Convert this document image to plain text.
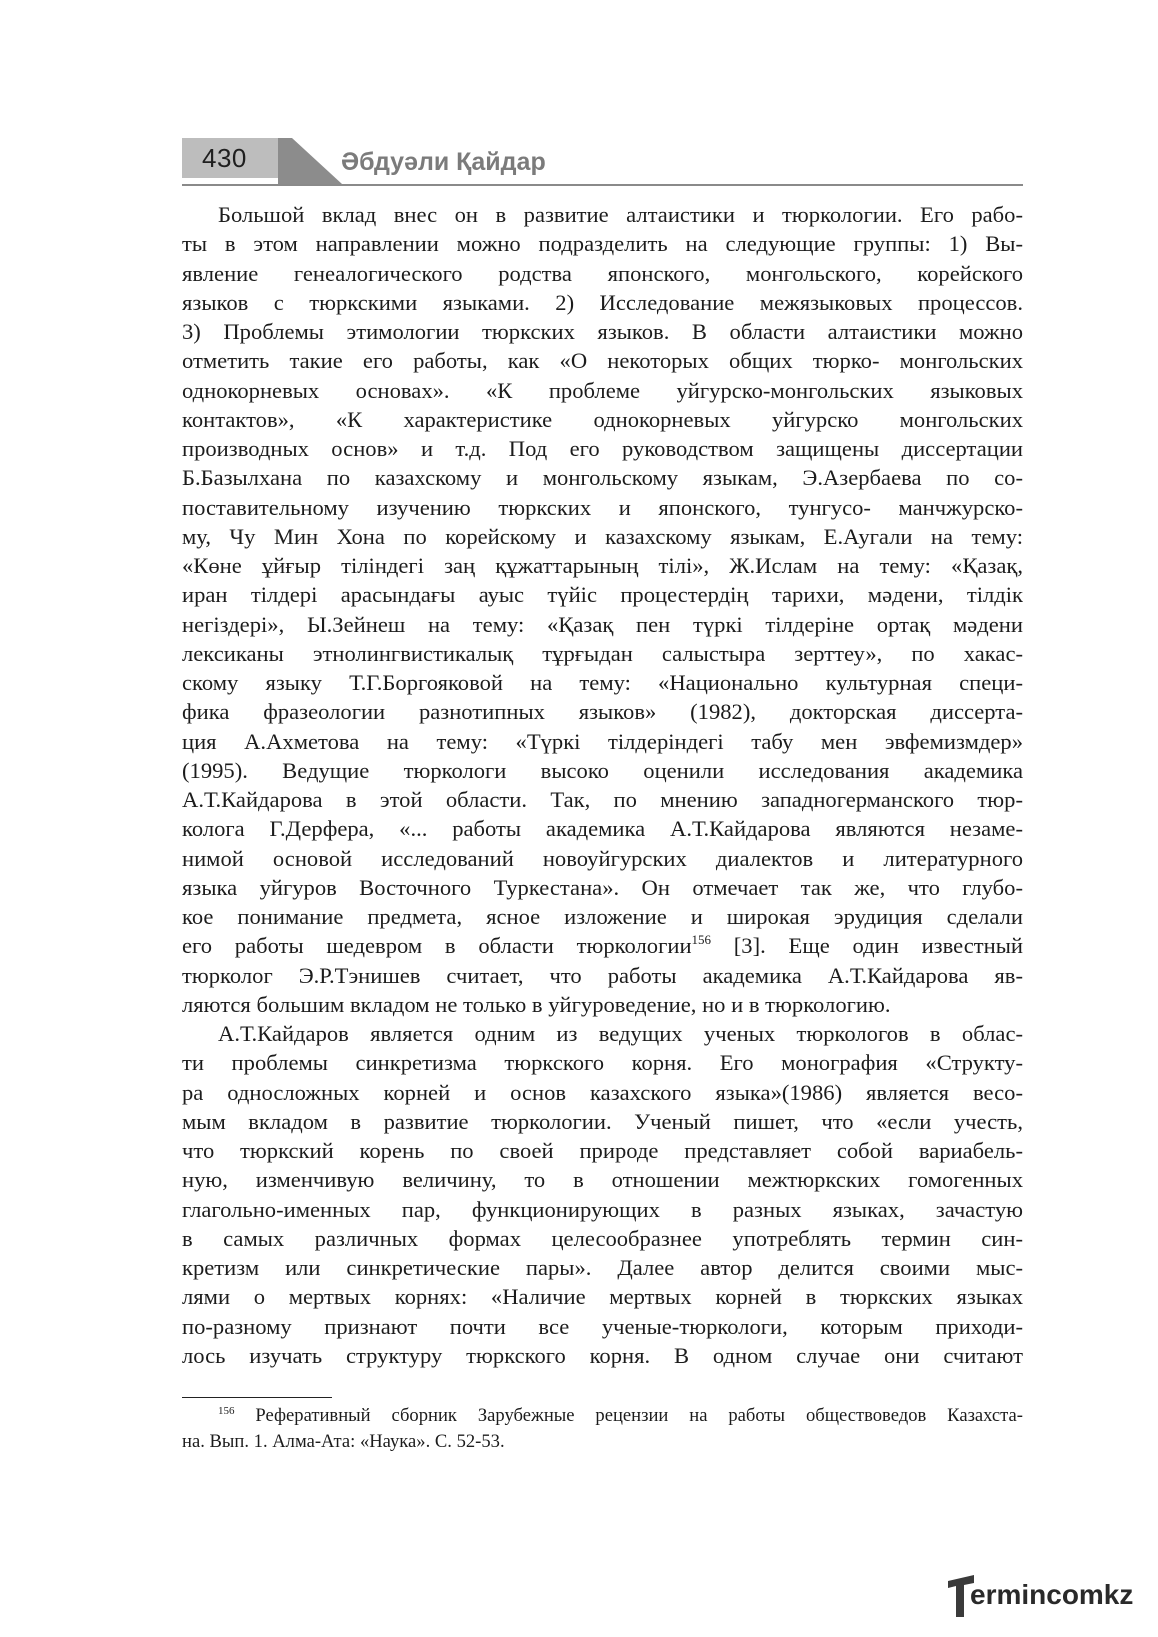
430	Әбдуәли Қайдар
Большой вклад внес он в развитие алтаистики и тюркологии. Его рабо-
ты в этом направлении можно подразделить на следующие группы: 1) Вы-
явление генеалогического родства японского, монгольского, корейского
языков с тюркскими языками. 2) Исследование межязыковых процессов.
3) Проблемы этимологии тюркских языков. В области алтаистики можно
отметить такие его работы, как «О некоторых общих тюрко- монгольских
однокорневых основах». «К проблеме уйгурско-монгольских языковых
контактов», «К характеристике однокорневых уйгурско монгольских
производных основ» и т.д. Под его руководством защищены диссертации
Б.Базылхана по казахскому и монгольскому языкам, Э.Азербаева по со-
поставительному изучению тюркских и японского, тунгусо- манчжурско-
му, Чу Мин Хона по корейскому и казахскому языкам, Е.Аугали на тему:
«Көне ұйғыр тіліндегі заң құжаттарының тілі», Ж.Ислам на тему: «Қазақ,
иран тілдері арасындағы ауыс түйіс процестердің тарихи, мәдени, тілдік
негіздері», Ы.Зейнеш на тему: «Қазақ пен түркі тілдеріне ортақ мәдени
лексиканы этнолингвистикалық тұрғыдан салыстыра зерттеу», по хакас-
скому языку Т.Г.Боргояковой на тему: «Национально культурная специ-
фика фразеологии разнотипных языков» (1982), докторская диссерта-
ция А.Ахметова на тему: «Түркі тілдеріндегі табу мен эвфемизмдер»
(1995). Ведущие тюркологи высоко оценили исследования академика
А.Т.Кайдарова в этой области. Так, по мнению западногерманского тюр-
колога Г.Дерфера, «... работы академика А.Т.Кайдарова являются незаме-
нимой основой исследований новоуйгурских диалектов и литературного
языка уйгуров Восточного Туркестана». Он отмечает так же, что глубо-
кое понимание предмета, ясное изложение и широкая эрудиция сделали
его работы шедевром в области тюркологии$^{156}$ [3]. Еще один известный
тюрколог Э.Р.Тэнишев считает, что работы академика А.Т.Кайдарова яв-
ляются большим вкладом не только в уйгуроведение, но и в тюркологию.
А.Т.Кайдаров является одним из ведущих ученых тюркологов в облас-
ти проблемы синкретизма тюркского корня. Его монография «Структу-
ра односложных корней и основ казахского языка»(1986) является весо-
мым вкладом в развитие тюркологии. Ученый пишет, что «если учесть,
что тюркский корень по своей природе представляет собой вариабель-
ную, изменчивую величину, то в отношении межтюркских гомогенных
глагольно-именных пар, функционирующих в разных языках, зачастую
в самых различных формах целесообразнее употреблять термин син-
кретизм или синкретические пары». Далее автор делится своими мыс-
лями о мертвых корнях: «Наличие мертвых корней в тюркских языках
по-разному признают почти все ученые-тюркологи, которым приходи-
лось изучать структуру тюркского корня. В одном случае они считают
$^{156}$ Реферативный сборник Зарубежные рецензии на работы обществоведов Казахста-
на. Вып. 1. Алма-Ата: «Наука». С. 52-53.
ermincom
.kz
